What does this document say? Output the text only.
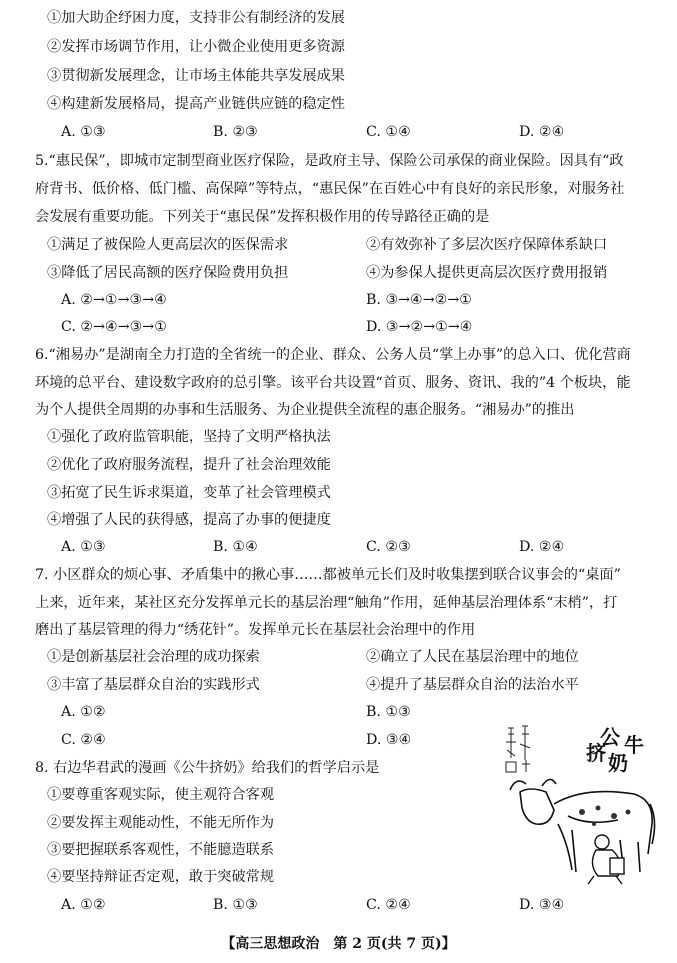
①加大助企纾困力度，支持非公有制经济的发展
②发挥市场调节作用，让小微企业使用更多资源
③贯彻新发展理念，让市场主体能共享发展成果
④构建新发展格局，提高产业链供应链的稳定性
A. ①③	B. ②③	C. ①④	D. ②④
5.“惠民保”，即城市定制型商业医疗保险，是政府主导、保险公司承保的商业保险。因具有“政
府背书、低价格、低门槛、高保障”等特点，“惠民保”在百姓心中有良好的亲民形象，对服务社
会发展有重要功能。下列关于“惠民保”发挥积极作用的传导路径正确的是
①满足了被保险人更高层次的医保需求	②有效弥补了多层次医疗保障体系缺口
③降低了居民高额的医疗保险费用负担	④为参保人提供更高层次医疗费用报销
A. ②→①→③→④	B. ③→④→②→①
C. ②→④→③→①	D. ③→②→①→④
6.“湘易办”是湖南全力打造的全省统一的企业、群众、公务人员“掌上办事”的总入口、优化营商
环境的总平台、建设数字政府的总引擎。该平台共设置“首页、服务、资讯、我的”4 个板块，能
为个人提供全周期的办事和生活服务、为企业提供全流程的惠企服务。“湘易办”的推出
①强化了政府监管职能，坚持了文明严格执法
②优化了政府服务流程，提升了社会治理效能
③拓宽了民生诉求渠道，变革了社会管理模式
④增强了人民的获得感，提高了办事的便捷度
A. ①③	B. ①④	C. ②③	D. ②④
7. 小区群众的烦心事、矛盾集中的揪心事……都被单元长们及时收集摆到联合议事会的“桌面”
上来，近年来，某社区充分发挥单元长的基层治理“触角”作用，延伸基层治理体系“末梢”，打
磨出了基层管理的得力“绣花针”。发挥单元长在基层社会治理中的作用
①是创新基层社会治理的成功探索	②确立了人民在基层治理中的地位
③丰富了基层群众自治的实践形式	④提升了基层群众自治的法治水平
A. ①②	B. ①③
C. ②④	D. ③④
8. 右边华君武的漫画《公牛挤奶》给我们的哲学启示是
①要尊重客观实际，使主观符合客观
②要发挥主观能动性，不能无所作为
③要把握联系客观性，不能臆造联系
④要坚持辩证否定观，敢于突破常规
A. ①②	B. ①③	C. ②④	D. ③④
公 牛
挤 奶
【高三思想政治　第 2 页(共 7 页)】
